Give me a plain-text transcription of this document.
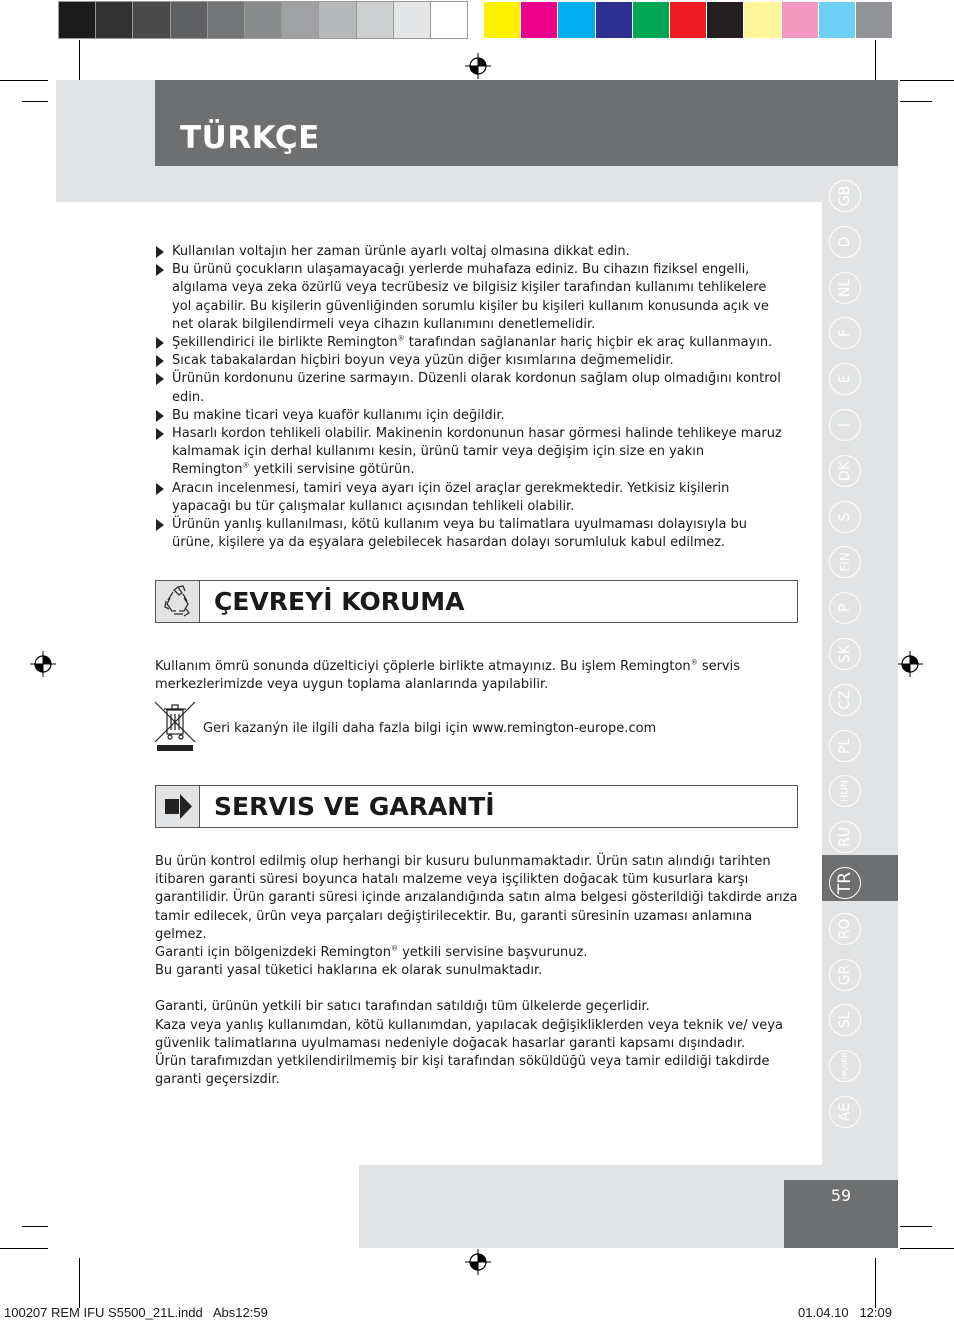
TÜRKÇE
GB
D
NL
F
E
I
DK
S
FIN
P
SK
CZ
PL
HUN
RU
TR
RO
GR
SL
HR/SRB
AE
Kullanılan voltajın her zaman ürünle ayarlı voltaj olmasına dikkat edin.
Bu ürünü çocukların ulaşamayacağı yerlerde muhafaza ediniz. Bu cihazın fiziksel engelli, algılama veya zeka özürlü veya tecrübesiz ve bilgisiz kişiler tarafından kullanımı tehlikelere yol açabilir. Bu kişilerin güvenliğinden sorumlu kişiler bu kişileri kullanım konusunda açık ve net olarak bilgilendirmeli veya cihazın kullanımını denetlemelidir.
Şekillendirici ile birlikte Remington® tarafından sağlananlar hariç hiçbir ek araç kullanmayın.
Sıcak tabakalardan hiçbiri boyun veya yüzün diğer kısımlarına değmemelidir.
Ürünün kordonunu üzerine sarmayın. Düzenli olarak kordonun sağlam olup olmadığını kontrol edin.
Bu makine ticari veya kuaför kullanımı için değildir.
Hasarlı kordon tehlikeli olabilir. Makinenin kordonunun hasar görmesi halinde tehlikeye maruz kalmamak için derhal kullanımı kesin, ürünü tamir veya değişim için size en yakın Remington® yetkili servisine götürün.
Aracın incelenmesi, tamiri veya ayarı için özel araçlar gerekmektedir. Yetkisiz kişilerin yapacağı bu tür çalışmalar kullanıcı açısından tehlikeli olabilir.
Ürünün yanlış kullanılması, kötü kullanım veya bu talimatlara uyulmaması dolayısıyla bu ürüne, kişilere ya da eşyalara gelebilecek hasardan dolayı sorumluluk kabul edilmez.
ÇEVREYİ KORUMA
Kullanım ömrü sonunda düzelticiyi çöplerle birlikte atmayınız. Bu işlem Remington® servis merkezlerimizde veya uygun toplama alanlarında yapılabilir.
Geri kazanýn ile ilgili daha fazla bilgi için www.remington-europe.com
SERVIS VE GARANTİ
Bu ürün kontrol edilmiş olup herhangi bir kusuru bulunmamaktadır. Ürün satın alındığı tarihten itibaren garanti süresi boyunca hatalı malzeme veya işçilikten doğacak tüm kusurlara karşı garantilidir. Ürün garanti süresi içinde arızalandığında satın alma belgesi gösterildiği takdirde arıza tamir edilecek, ürün veya parçaları değiştirilecektir. Bu, garanti süresinin uzaması anlamına gelmez.
Garanti için bölgenizdeki Remington® yetkili servisine başvurunuz.
Bu garanti yasal tüketici haklarına ek olarak sunulmaktadır.
Garanti, ürünün yetkili bir satıcı tarafından satıldığı tüm ülkelerde geçerlidir.
Kaza veya yanlış kullanımdan, kötü kullanımdan, yapılacak değişikliklerden veya teknik ve/ veya güvenlik talimatlarına uyulmaması nedeniyle doğacak hasarlar garanti kapsamı dışındadır.
Ürün tarafımızdan yetkilendirilmemiş bir kişi tarafından söküldüğü veya tamir edildiği takdirde garanti geçersizdir.
59
100207 REM IFU S5500_21L.indd   Abs12:59	01.04.10   12:09
